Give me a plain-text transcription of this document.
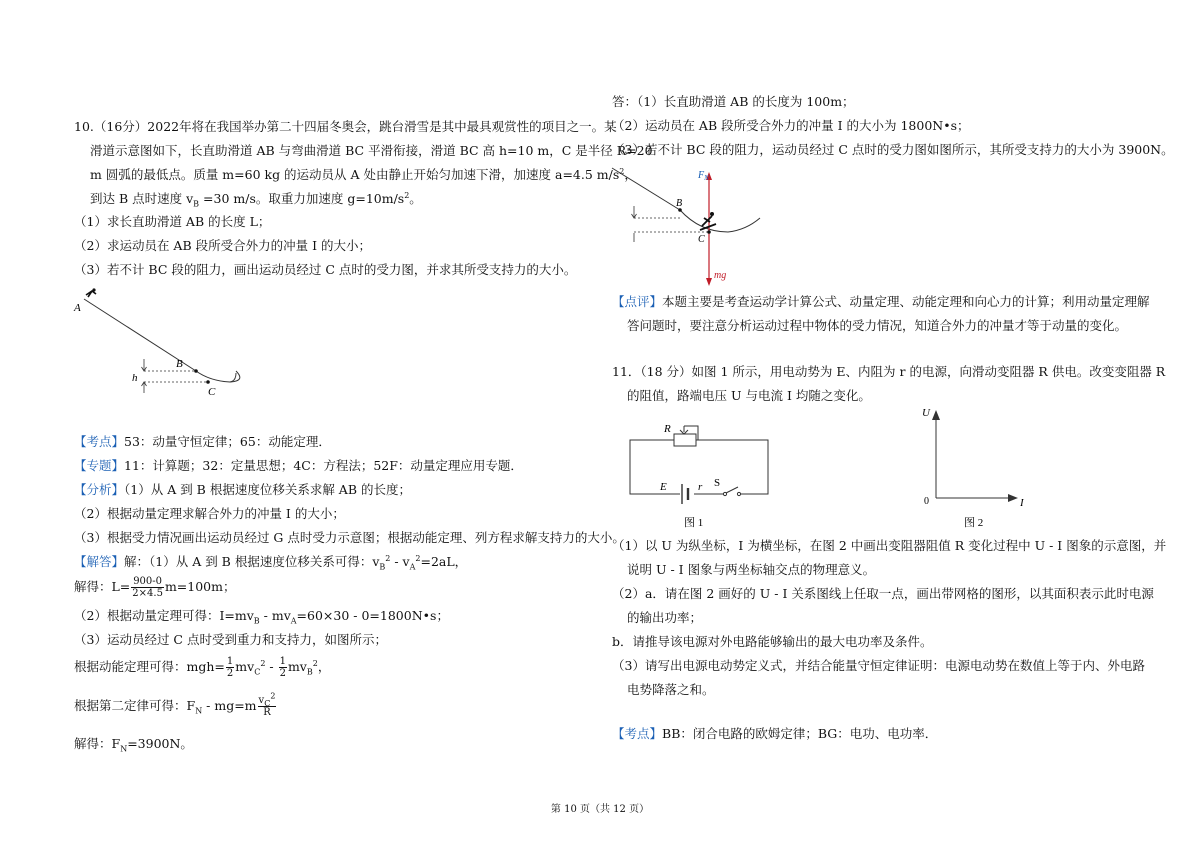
10.（16分）2022年将在我国举办第二十四届冬奥会，跳台滑雪是其中最具观赏性的项目之一。某
滑道示意图如下，长直助滑道 AB 与弯曲滑道 BC 平滑衔接，滑道 BC 高 h=10 m，C 是半径 R=20
m 圆弧的最低点。质量 m=60 kg 的运动员从 A 处由静止开始匀加速下滑，加速度 a=4.5 $m/s^2$，
到达 B 点时速度 $v_B =30$ m/s。取重力加速度 $g=10m/s^2$。
（1）求长直助滑道 AB 的长度 L；
（2）求运动员在 AB 段所受合外力的冲量 I 的大小；
（3）若不计 BC 段的阻力，画出运动员经过 C 点时的受力图，并求其所受支持力的大小。
A
B
C
h
【考点】53：动量守恒定律；65：动能定理．
【专题】11：计算题；32：定量思想；4C：方程法；52F：动量定理应用专题．
【分析】（1）从 A 到 B 根据速度位移关系求解 AB 的长度；
（2）根据动量定理求解合外力的冲量 I 的大小；
（3）根据受力情况画出运动员经过 G 点时受力示意图；根据动能定理、列方程求解支持力的大小。
【解答】解：（1）从 A 到 B 根据速度位移关系可得：$v_B^2 - v_A^2=2aL$，
解得：$L= \frac{900-0}{2\times 4.5} m=100m$；
（2）根据动量定理可得：$I=mv_B - mv_A=60\times 30$ - 0=1800N•s；
（3）运动员经过 C 点时受到重力和支持力，如图所示；
根据动能定理可得：$mgh= \frac{1}{2} mv_C^2 - \frac{1}{2} mv_B^2$，
根据第二定律可得：$F_N - mg=m \frac{v_C^2}{R}$
解得：$F_N=3900N$。
答：（1）长直助滑道 AB 的长度为 100m；
（2）运动员在 AB 段所受合外力的冲量 I 的大小为 1800N•s；
（3）若不计 BC 段的阻力，运动员经过 C 点时的受力图如图所示，其所受支持力的大小为 3900N。
$F_N$
mg
B
C
【点评】本题主要是考查运动学计算公式、动量定理、动能定理和向心力的计算；利用动量定理解
答问题时，要注意分析运动过程中物体的受力情况，知道合外力的冲量才等于动量的变化。
11．（18 分）如图 1 所示，用电动势为 E、内阻为 r 的电源，向滑动变阻器 R 供电。改变变阻器 R
的阻值，路端电压 U 与电流 I 均随之变化。
R
E	r S
图 1
U
I
0
图 2
（1）以 U 为纵坐标，I 为横坐标，在图 2 中画出变阻器阻值 R 变化过程中 U - I 图象的示意图，并
说明 U - I 图象与两坐标轴交点的物理意义。
（2）a．请在图 2 画好的 U - I 关系图线上任取一点，画出带网格的图形，以其面积表示此时电源
的输出功率；
b．请推导该电源对外电路能够输出的最大电功率及条件。
（3）请写出电源电动势定义式，并结合能量守恒定律证明：电源电动势在数值上等于内、外电路
电势降落之和。
【考点】BB：闭合电路的欧姆定律；BG：电功、电功率．
第 10 页（共 12 页）
